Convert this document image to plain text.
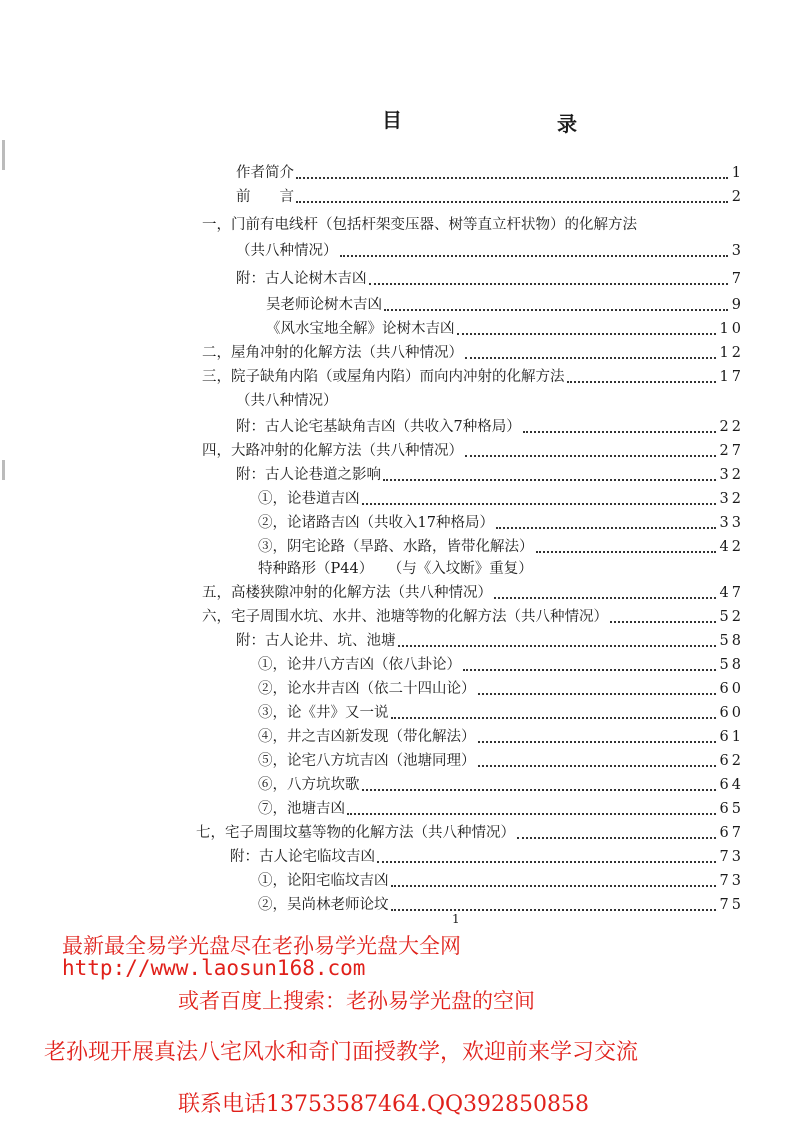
目	录
作者简介	1
前　　言	2
一，门前有电线杆（包括杆架变压器、树等直立杆状物）的化解方法
（共八种情况）	3
附：古人论树木吉凶	7
吴老师论树木吉凶	9
《风水宝地全解》论树木吉凶	10
二，屋角冲射的化解方法（共八种情况）	12
三，院子缺角内陷（或屋角内陷）而向内冲射的化解方法	17
（共八种情况）
附：古人论宅基缺角吉凶（共收入7种格局）	22
四，大路冲射的化解方法（共八种情况）	27
附：古人论巷道之影响	32
①，论巷道吉凶	32
②，论诸路吉凶（共收入17种格局）	33
③，阴宅论路（旱路、水路，皆带化解法）	42
特种路形（P44）　　（与《入坟断》重复）
五，高楼狭隙冲射的化解方法（共八种情况）	47
六，宅子周围水坑、水井、池塘等物的化解方法（共八种情况）	52
附：古人论井、坑、池塘	58
①，论井八方吉凶（依八卦论）	58
②，论水井吉凶（依二十四山论）	60
③，论《井》又一说	60
④，井之吉凶新发现（带化解法）	61
⑤，论宅八方坑吉凶（池塘同理）	62
⑥，八方坑坎歌	64
⑦，池塘吉凶	65
七，宅子周围坟墓等物的化解方法（共八种情况）	67
附：古人论宅临坟吉凶	73
①，论阳宅临坟吉凶	73
②，吴尚林老师论坟	75
1
最新最全易学光盘尽在老孙易学光盘大全网
http://www.laosun168.com
或者百度上搜索：老孙易学光盘的空间
老孙现开展真法八宅风水和奇门面授教学，欢迎前来学习交流
联系电话13753587464.QQ392850858
